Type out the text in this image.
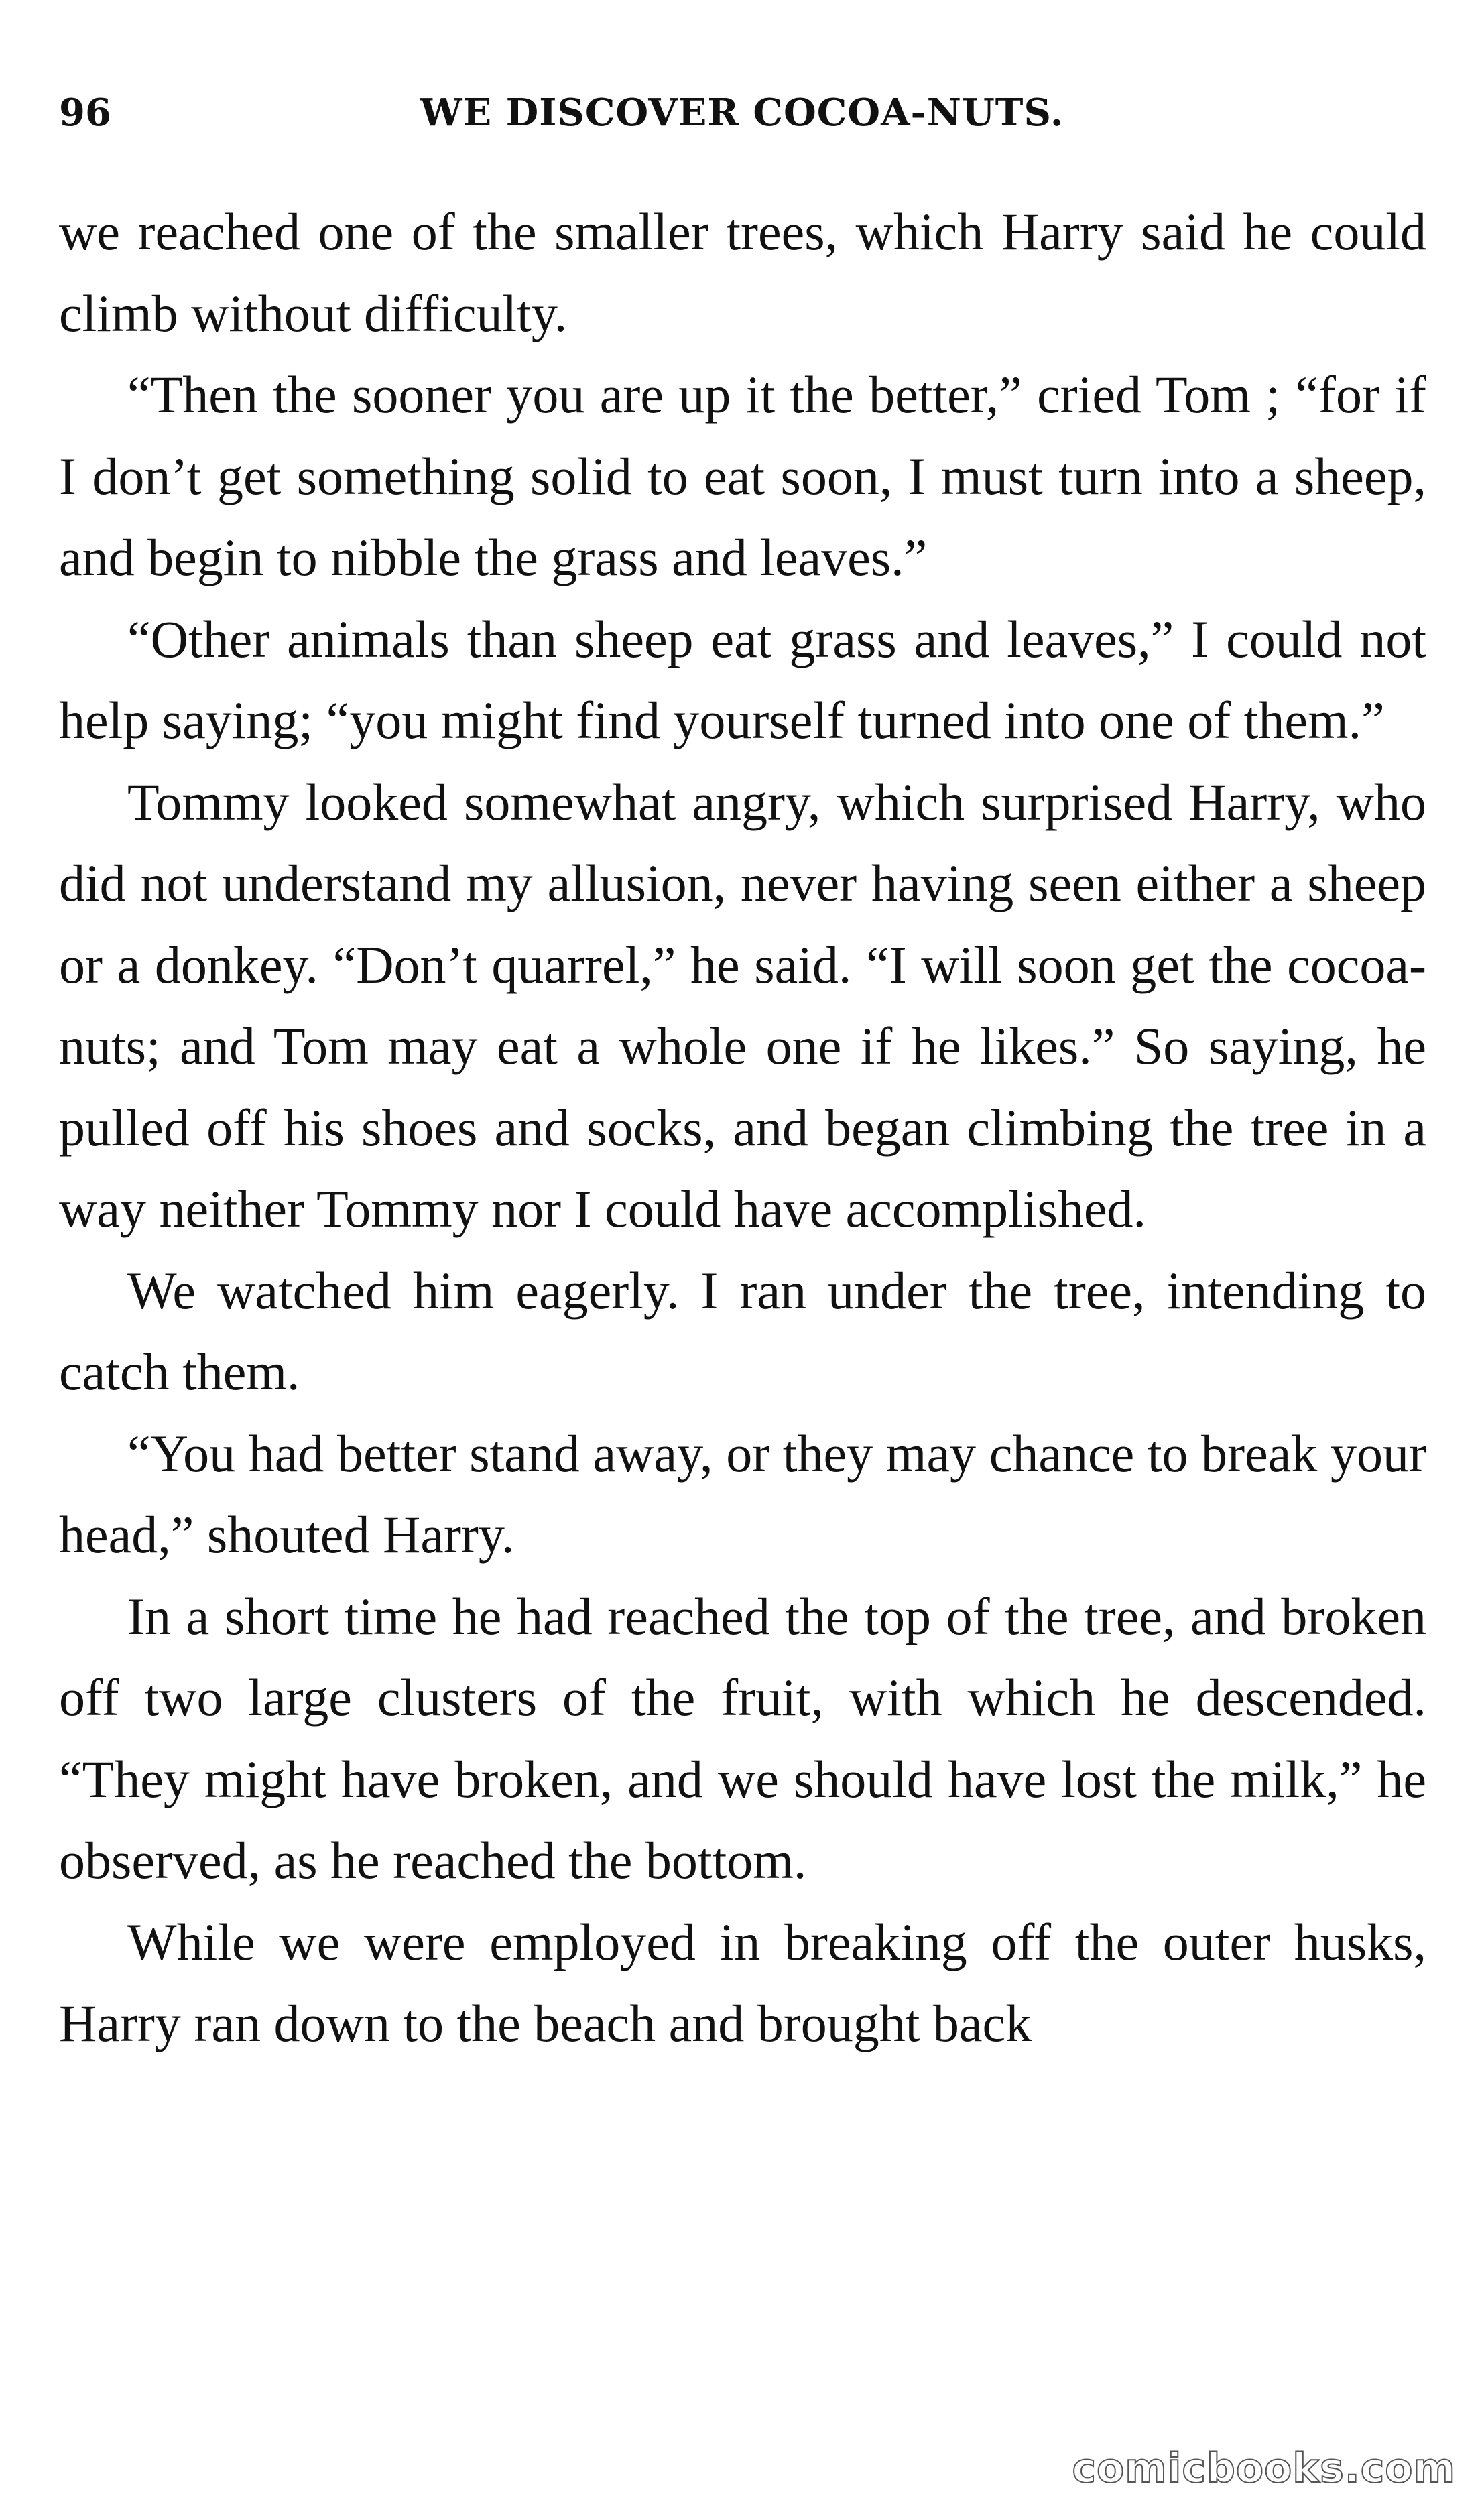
96	WE DISCOVER COCOA-NUTS.

we reached one of the smaller trees, which Harry said he could climb without difficulty.

“Then the sooner you are up it the better,” cried Tom ; “for if I don’t get something solid to eat soon, I must turn into a sheep, and begin to nibble the grass and leaves.”

“Other animals than sheep eat grass and leaves,” I could not help saying; “you might find yourself turned into one of them.”

Tommy looked somewhat angry, which surprised Harry, who did not understand my allusion, never having seen either a sheep or a donkey. “Don’t quarrel,” he said. “I will soon get the cocoa-nuts; and Tom may eat a whole one if he likes.” So saying, he pulled off his shoes and socks, and began climbing the tree in a way neither Tommy nor I could have accomplished.

We watched him eagerly. I ran under the tree, intending to catch them.

“You had better stand away, or they may chance to break your head,” shouted Harry.

In a short time he had reached the top of the tree, and broken off two large clusters of the fruit, with which he descended. “They might have broken, and we should have lost the milk,” he observed, as he reached the bottom.

While we were employed in breaking off the outer husks, Harry ran down to the beach and brought back

comicbooks.com
